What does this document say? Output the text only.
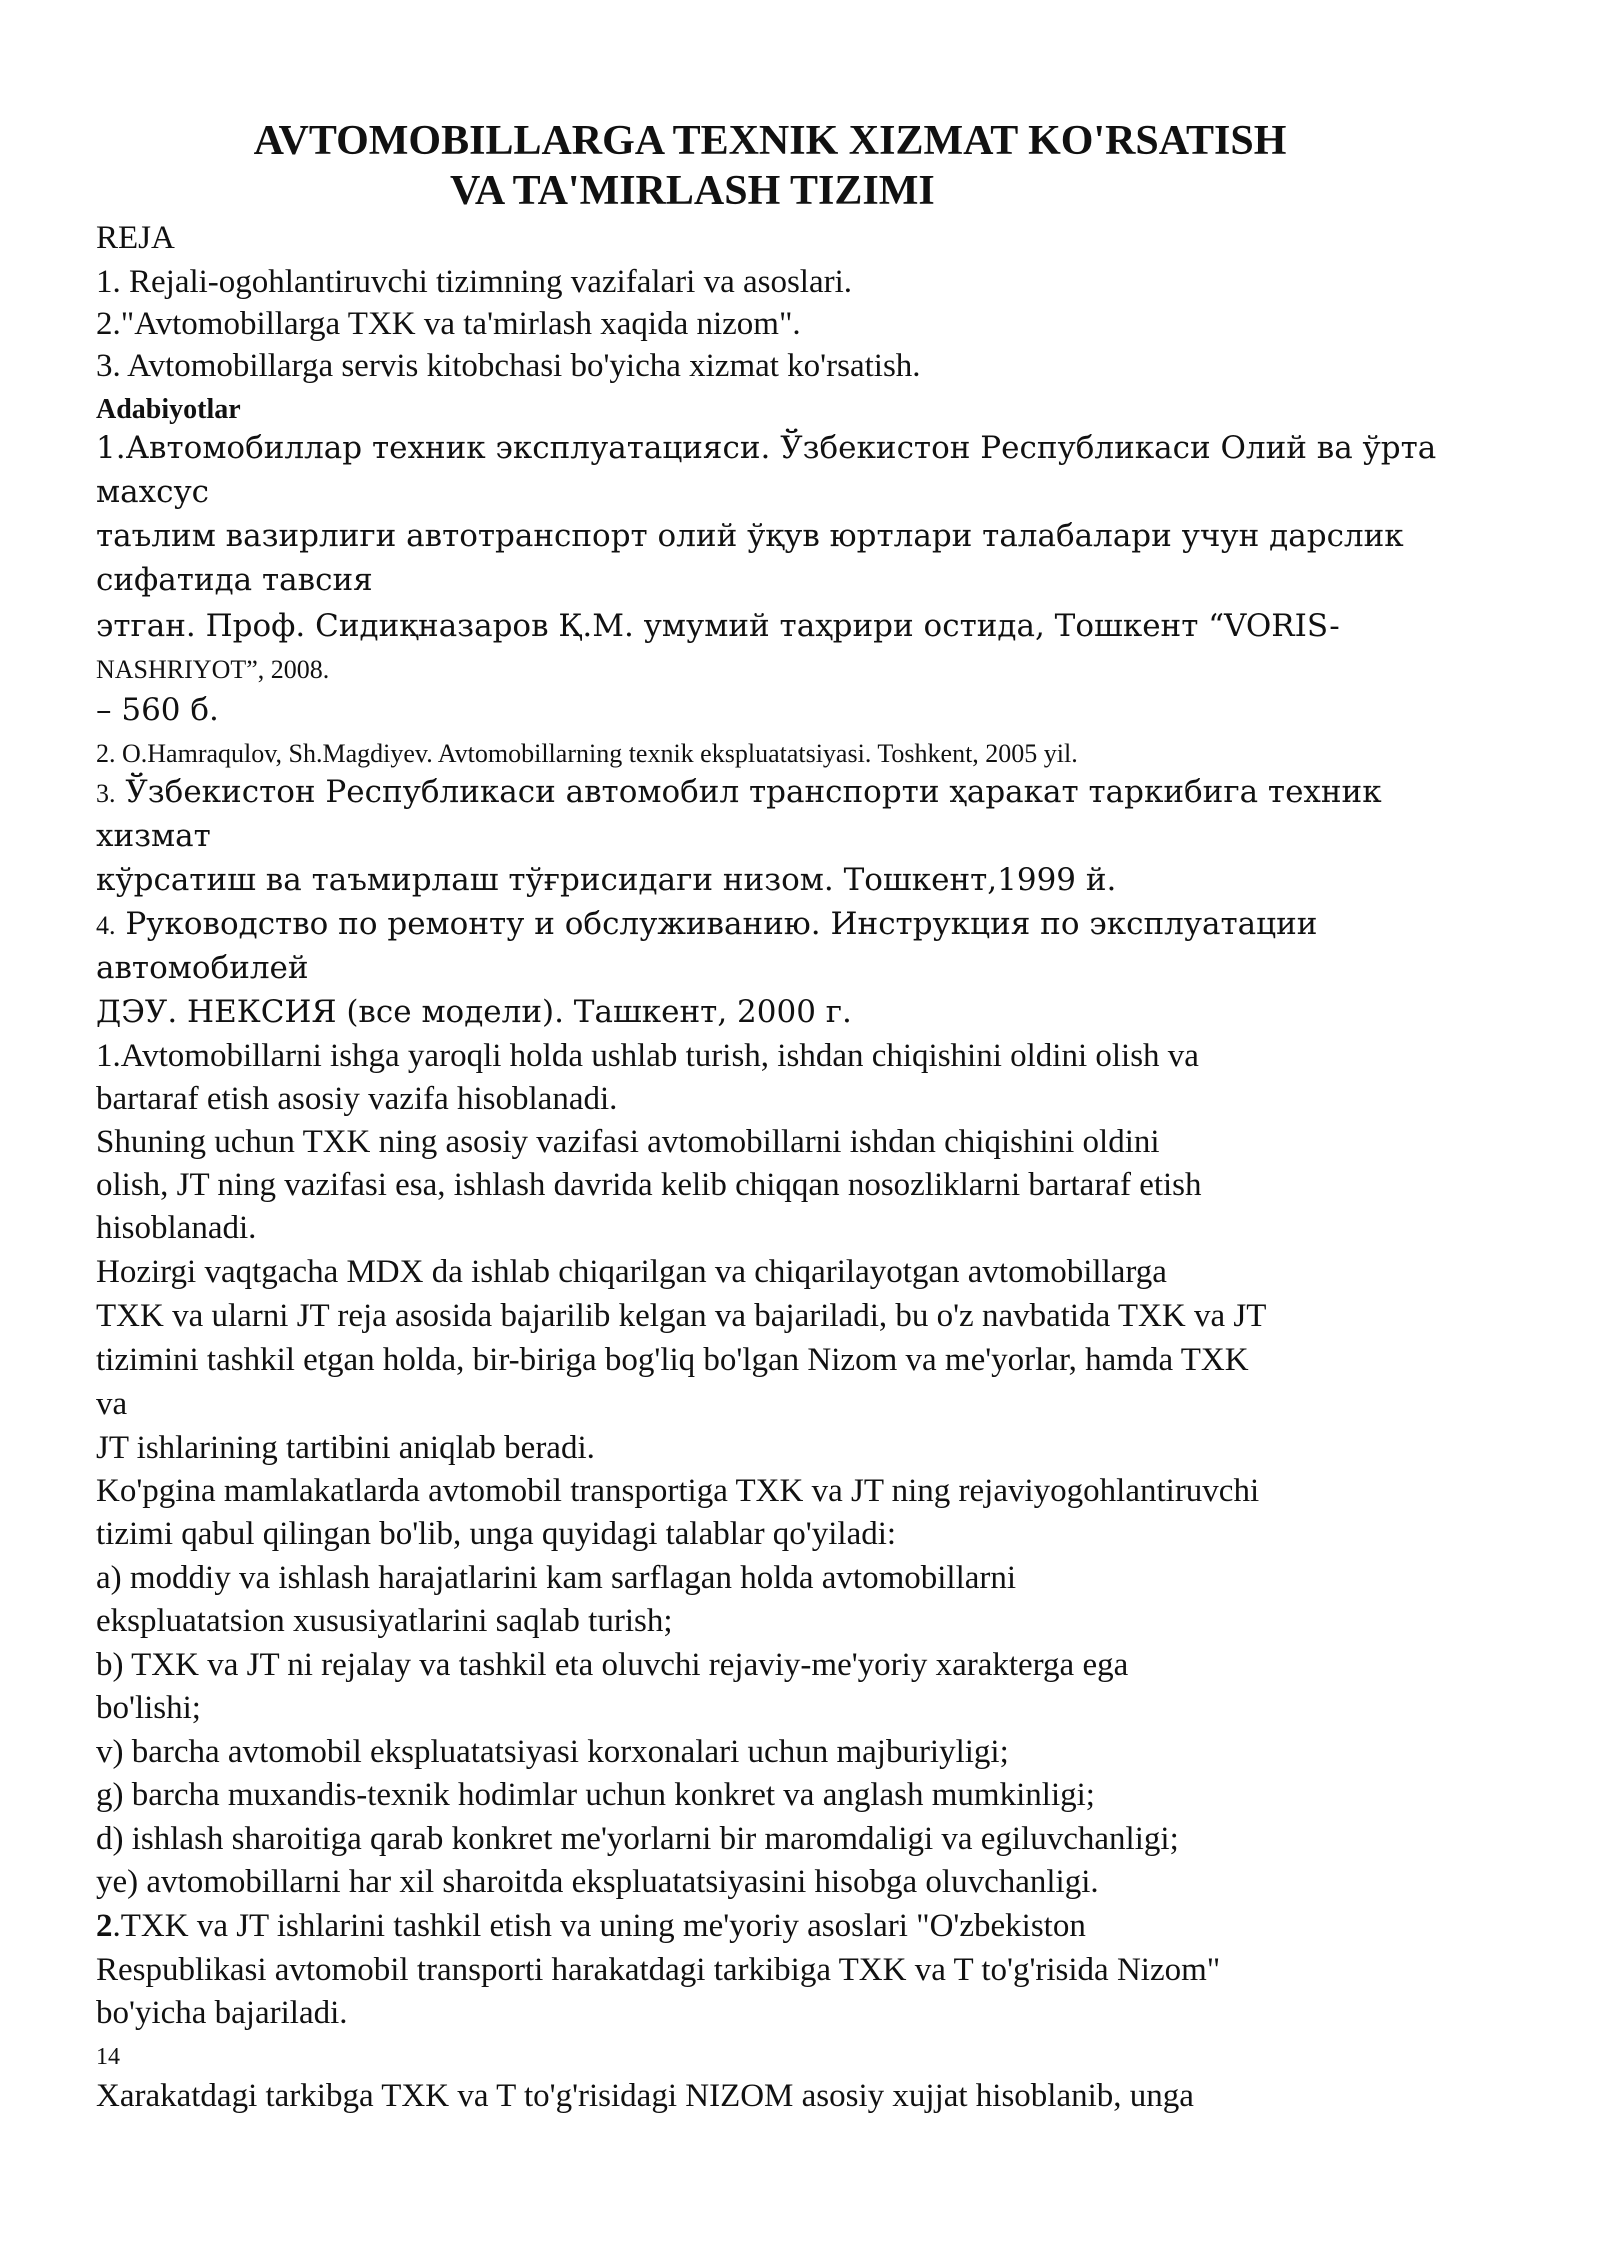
AVTOMOBILLARGA TEXNIK XIZMAT KO'RSATISH
VA TA'MIRLASH TIZIMI

REJA

1. Rejali-ogohlantiruvchi tizimning vazifalari va asoslari.

2."Avtomobillarga TXK va ta'mirlash xaqida nizom".

3. Avtomobillarga servis kitobchasi bo'yicha xizmat ko'rsatish.

Adabiyotlar

1.Автомобиллар техник эксплуатацияси. Ўзбекистон Республикаси Олий ва ўрта

махсус

таълим вазирлиги автотранспорт олий ўқув юртлари талабалари учун дарслик

сифатида тавсия

этган. Проф. Сидиқназаров Қ.М. умумий таҳрири остида, Тошкент “VORIS-

NASHRIYOT”, 2008.

– 560 б.

2. O.Hamraqulov, Sh.Magdiyev. Avtomobillarning texnik ekspluatatsiyasi. Toshkent, 2005 yil.

3. Ўзбекистон Республикаси автомобил транспорти ҳаракат таркибига техник

хизмат

кўрсатиш ва таъмирлаш тўғрисидаги низом. Тошкент,1999 й.

4. Руководство по ремонту и обслуживанию. Инструкция по эксплуатации

автомобилей

ДЭУ. НЕКСИЯ (все модели). Ташкент, 2000 г.

1.Avtomobillarni ishga yaroqli holda ushlab turish, ishdan chiqishini oldini olish va

bartaraf etish asosiy vazifa hisoblanadi.

Shuning uchun TXK ning asosiy vazifasi avtomobillarni ishdan chiqishini oldini

olish, JT ning vazifasi esa, ishlash davrida kelib chiqqan nosozliklarni bartaraf etish

hisoblanadi.

Hozirgi vaqtgacha MDX da ishlab chiqarilgan va chiqarilayotgan avtomobillarga

TXK va ularni JT reja asosida bajarilib kelgan va bajariladi, bu o'z navbatida TXK va JT

tizimini tashkil etgan holda, bir-biriga bog'liq bo'lgan Nizom va me'yorlar, hamda TXK

va

JT ishlarining tartibini aniqlab beradi.

Ko'pgina mamlakatlarda avtomobil transportiga TXK va JT ning rejaviyogohlantiruvchi

tizimi qabul qilingan bo'lib, unga quyidagi talablar qo'yiladi:

a) moddiy va ishlash harajatlarini kam sarflagan holda avtomobillarni

ekspluatatsion xususiyatlarini saqlab turish;

b) TXK va JT ni rejalay va tashkil eta oluvchi rejaviy-me'yoriy xarakterga ega

bo'lishi;

v) barcha avtomobil ekspluatatsiyasi korxonalari uchun majburiyligi;

g) barcha muxandis-texnik hodimlar uchun konkret va anglash mumkinligi;

d) ishlash sharoitiga qarab konkret me'yorlarni bir maromdaligi va egiluvchanligi;

ye) avtomobillarni har xil sharoitda ekspluatatsiyasini hisobga oluvchanligi.

2.TXK va JT ishlarini tashkil etish va uning me'yoriy asoslari "O'zbekiston

Respublikasi avtomobil transporti harakatdagi tarkibiga TXK va T to'g'risida Nizom"

bo'yicha bajariladi.

14

Xarakatdagi tarkibga TXK va T to'g'risidagi NIZOM asosiy xujjat hisoblanib, unga
